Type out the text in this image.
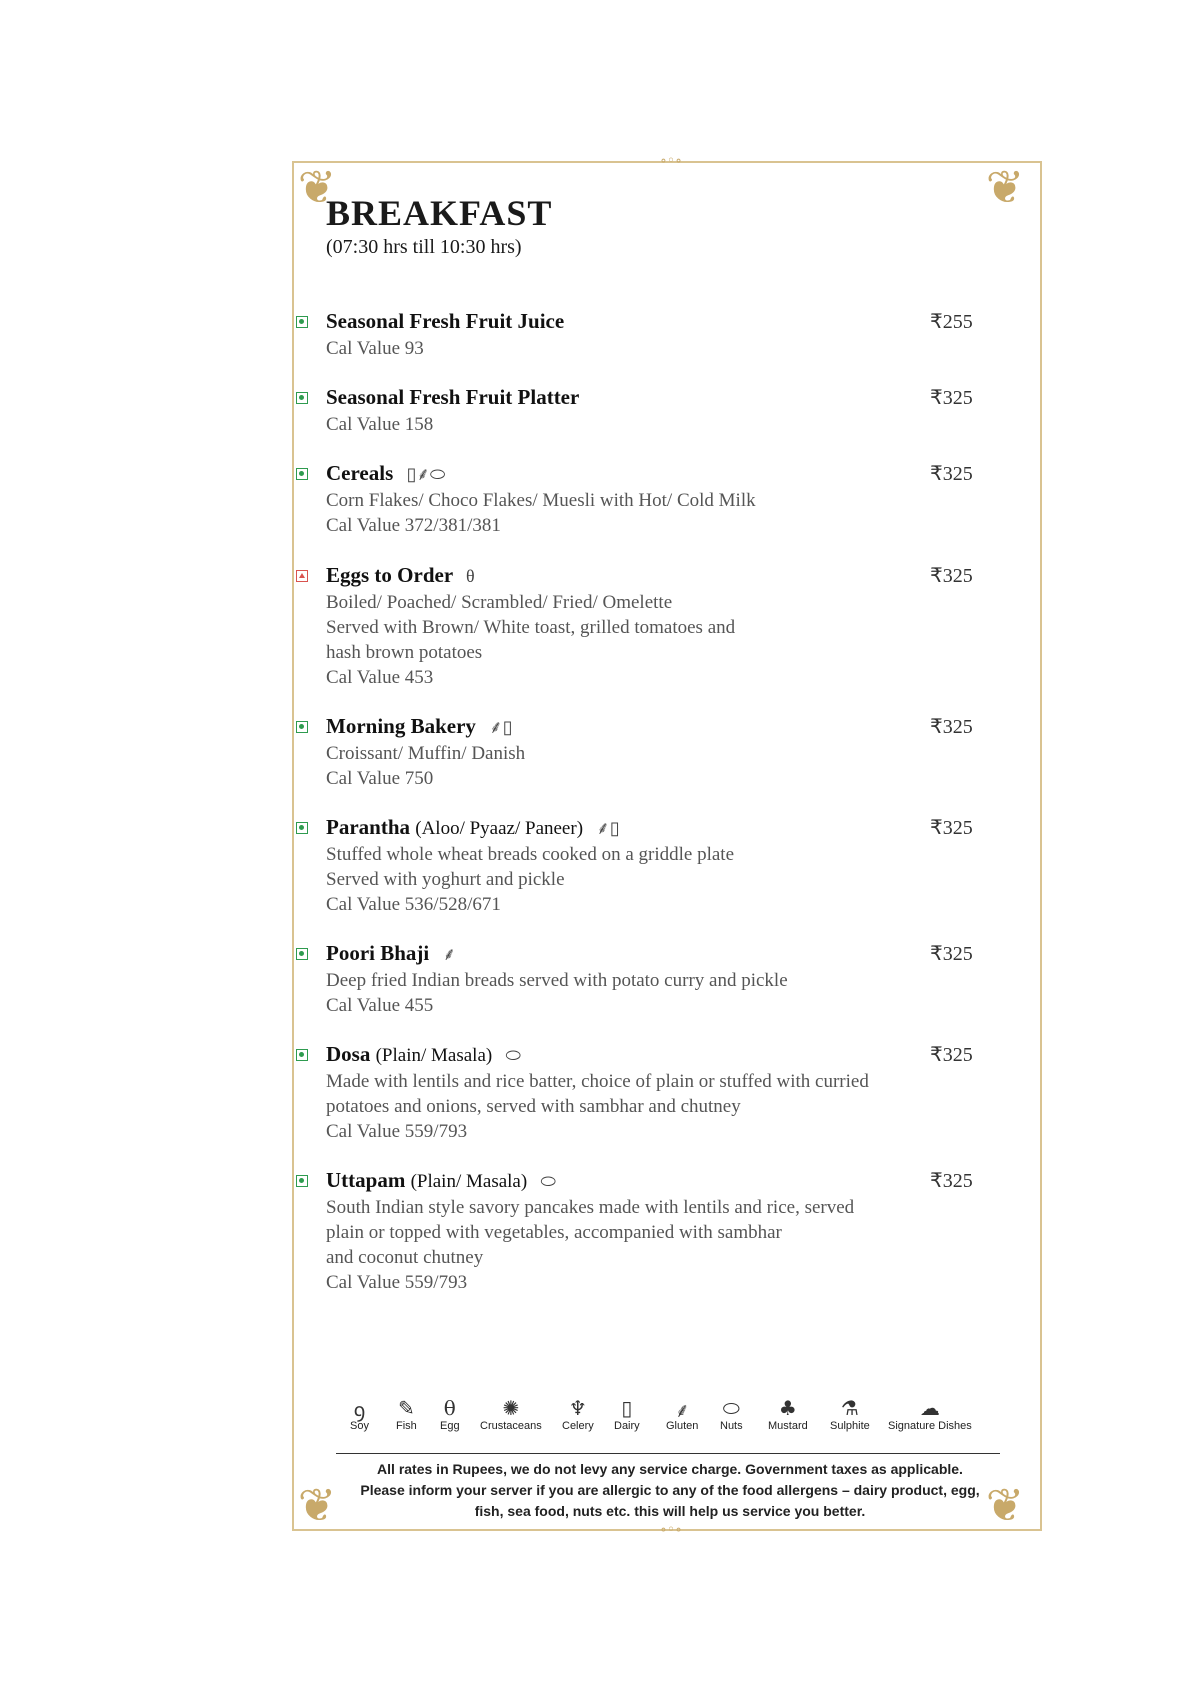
❦	❦
❦	❦
∘◦∘
∘◦∘
BREAKFAST
(07:30 hrs till 10:30 hrs)
Seasonal Fresh Fruit Juice	₹255
Cal Value 93
Seasonal Fresh Fruit Platter	₹325
Cal Value 158
Cereals ▯⸙⬭	₹325
Corn Flakes/ Choco Flakes/ Muesli with Hot/ Cold Milk
Cal Value 372/381/381
Eggs to Order θ	₹325
Boiled/ Poached/ Scrambled/ Fried/ Omelette
Served with Brown/ White toast, grilled tomatoes and
hash brown potatoes
Cal Value 453
Morning Bakery ⸙▯	₹325
Croissant/ Muffin/ Danish
Cal Value 750
Parantha (Aloo/ Pyaaz/ Paneer) ⸙▯	₹325
Stuffed whole wheat breads cooked on a griddle plate
Served with yoghurt and pickle
Cal Value 536/528/671
Poori Bhaji ⸙	₹325
Deep fried Indian breads served with potato curry and pickle
Cal Value 455
Dosa (Plain/ Masala) ⬭	₹325
Made with lentils and rice batter, choice of plain or stuffed with curried
potatoes and onions, served with sambhar and chutney
Cal Value 559/793
Uttapam (Plain/ Masala) ⬭	₹325
South Indian style savory pancakes made with lentils and rice, served
plain or topped with vegetables, accompanied with sambhar
and coconut chutney
Cal Value 559/793
ꝯ
Soy
✎
Fish
θ
Egg
✺
Crustaceans
♆
Celery
▯
Dairy
⸙
Gluten
⬭
Nuts
♣
Mustard
⚗
Sulphite
☁
Signature Dishes
All rates in Rupees, we do not levy any service charge. Government taxes as applicable.
Please inform your server if you are allergic to any of the food allergens – dairy product, egg,
fish, sea food, nuts etc. this will help us service you better.
